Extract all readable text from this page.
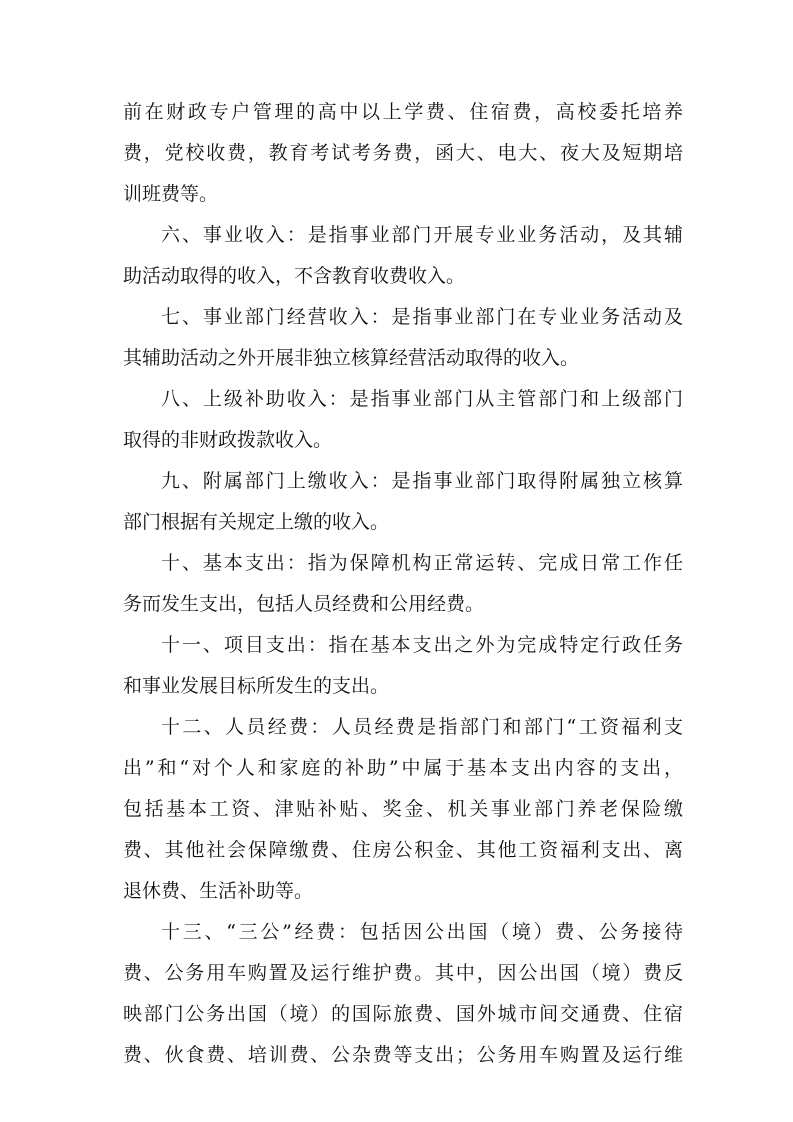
前在财政专户管理的高中以上学费、住宿费，高校委托培养
费，党校收费，教育考试考务费，函大、电大、夜大及短期培
训班费等。
六、事业收入：是指事业部门开展专业业务活动，及其辅
助活动取得的收入，不含教育收费收入。
七、事业部门经营收入：是指事业部门在专业业务活动及
其辅助活动之外开展非独立核算经营活动取得的收入。
八、上级补助收入：是指事业部门从主管部门和上级部门
取得的非财政拨款收入。
九、附属部门上缴收入：是指事业部门取得附属独立核算
部门根据有关规定上缴的收入。
十、基本支出：指为保障机构正常运转、完成日常工作任
务而发生支出，包括人员经费和公用经费。
十一、项目支出：指在基本支出之外为完成特定行政任务
和事业发展目标所发生的支出。
十二、人员经费：人员经费是指部门和部门“工资福利支
出”和“对个人和家庭的补助”中属于基本支出内容的支出，
包括基本工资、津贴补贴、奖金、机关事业部门养老保险缴
费、其他社会保障缴费、住房公积金、其他工资福利支出、离
退休费、生活补助等。
十三、“三公”经费：包括因公出国（境）费、公务接待
费、公务用车购置及运行维护费。其中，因公出国（境）费反
映部门公务出国（境）的国际旅费、国外城市间交通费、住宿
费、伙食费、培训费、公杂费等支出；公务用车购置及运行维
